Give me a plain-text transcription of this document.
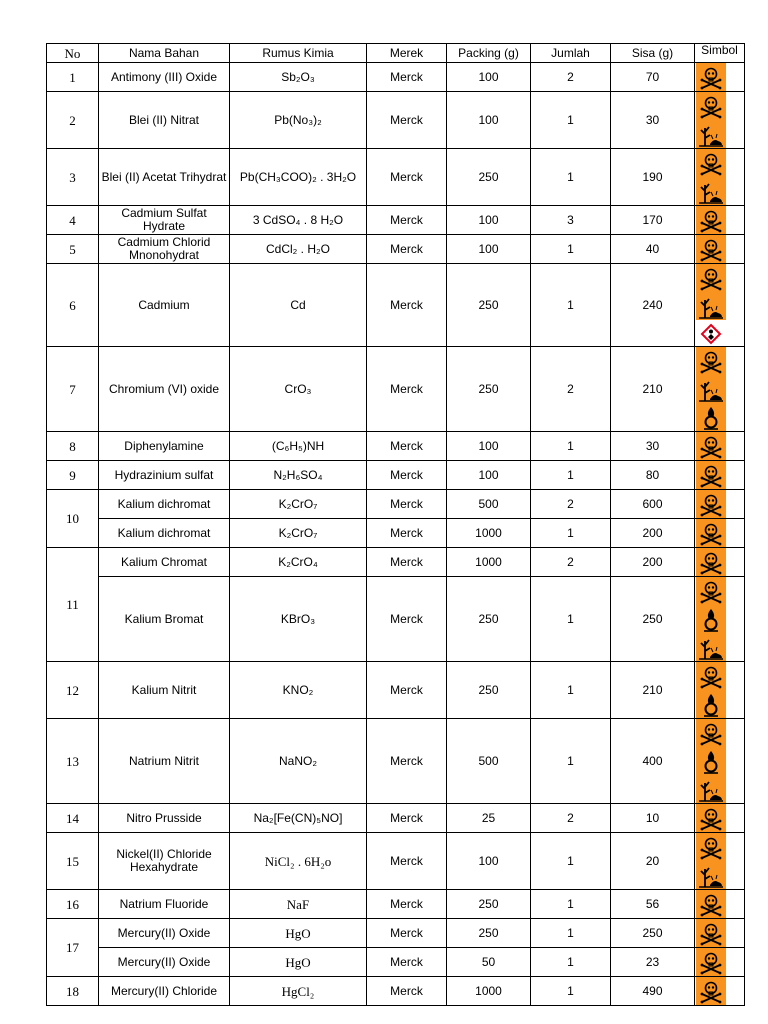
No	Nama Bahan	Rumus Kimia	Merek	Packing (g)	Jumlah	Sisa (g)	Simbol
1	Antimony (III) Oxide	Sb₂O₃	Merck	100	2	70	

2	Blei (II) Nitrat	Pb(No₃)₂	Merck	100	1	30	

3	Blei (II) Acetat Trihydrat	Pb(CH₃COO)₂ . 3H₂O	Merck	250	1	190	

4	Cadmium Sulfat Hydrate	3 CdSO₄ . 8 H₂O	Merck	100	3	170	

5	Cadmium Chlorid Mnonohydrat	CdCl₂ . H₂O	Merck	100	1	40	

6	Cadmium	Cd	Merck	250	1	240	

7	Chromium (VI) oxide	CrO₃	Merck	250	2	210	

8	Diphenylamine	(C₆H₅)NH	Merck	100	1	30	

9	Hydrazinium sulfat	N₂H₆SO₄	Merck	100	1	80	

10	Kalium dichromat	K₂CrO₇	Merck	500	2	600	

	Kalium dichromat	K₂CrO₇	Merck	1000	1	200	

11	Kalium Chromat	K₂CrO₄	Merck	1000	2	200	

	Kalium Bromat	KBrO₃	Merck	250	1	250	

12	Kalium Nitrit	KNO₂	Merck	250	1	210	

13	Natrium Nitrit	NaNO₂	Merck	500	1	400	

14	Nitro Prusside	Na₂[Fe(CN)₅NO]	Merck	25	2	10	

15	Nickel(II) Chloride Hexahydrate	NiCl₂ . 6H₂o	Merck	100	1	20	

16	Natrium Fluoride	NaF	Merck	250	1	56	

17	Mercury(II) Oxide	HgO	Merck	250	1	250	

	Mercury(II) Oxide	HgO	Merck	50	1	23	

18	Mercury(II) Chloride	HgCl₂	Merck	1000	1	490	
